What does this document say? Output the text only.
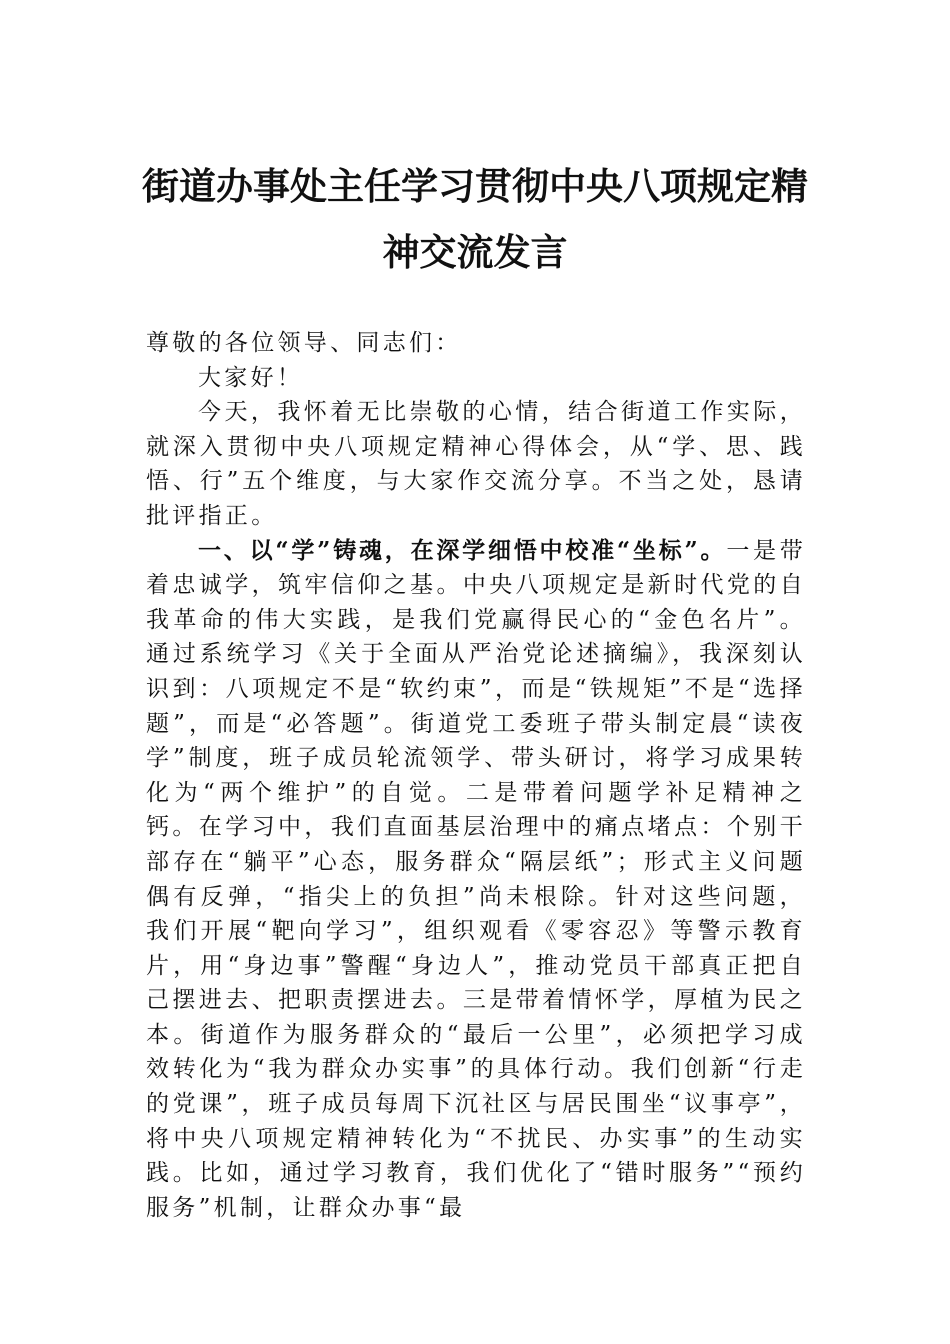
街道办事处主任学习贯彻中央八项规定精
神交流发言

尊敬的各位领导、同志们：

大家好！

今天，我怀着无比崇敬的心情，结合街道工作实际，就深入贯彻中央八项规定精神心得体会，从“学、思、践悟、行”五个维度，与大家作交流分享。不当之处，恳请批评指正。

一、以“学”铸魂，在深学细悟中校准“坐标”。一是带着忠诚学，筑牢信仰之基。中央八项规定是新时代党的自我革命的伟大实践，是我们党赢得民心的“金色名片”。通过系统学习《关于全面从严治党论述摘编》，我深刻认识到：八项规定不是“软约束”，而是“铁规矩”不是“选择题”，而是“必答题”。街道党工委班子带头制定晨“读夜学”制度，班子成员轮流领学、带头研讨，将学习成果转化为“两个维护”的自觉。二是带着问题学补足精神之钙。在学习中，我们直面基层治理中的痛点堵点：个别干部存在“躺平”心态，服务群众“隔层纸”；形式主义问题偶有反弹，“指尖上的负担”尚未根除。针对这些问题，我们开展“靶向学习”，组织观看《零容忍》等警示教育片，用“身边事”警醒“身边人”，推动党员干部真正把自己摆进去、把职责摆进去。三是带着情怀学，厚植为民之本。街道作为服务群众的“最后一公里”，必须把学习成效转化为“我为群众办实事”的具体行动。我们创新“行走的党课”，班子成员每周下沉社区与居民围坐“议事亭”，将中央八项规定精神转化为“不扰民、办实事”的生动实践。比如，通过学习教育，我们优化了“错时服务”“预约服务”机制，让群众办事“最
